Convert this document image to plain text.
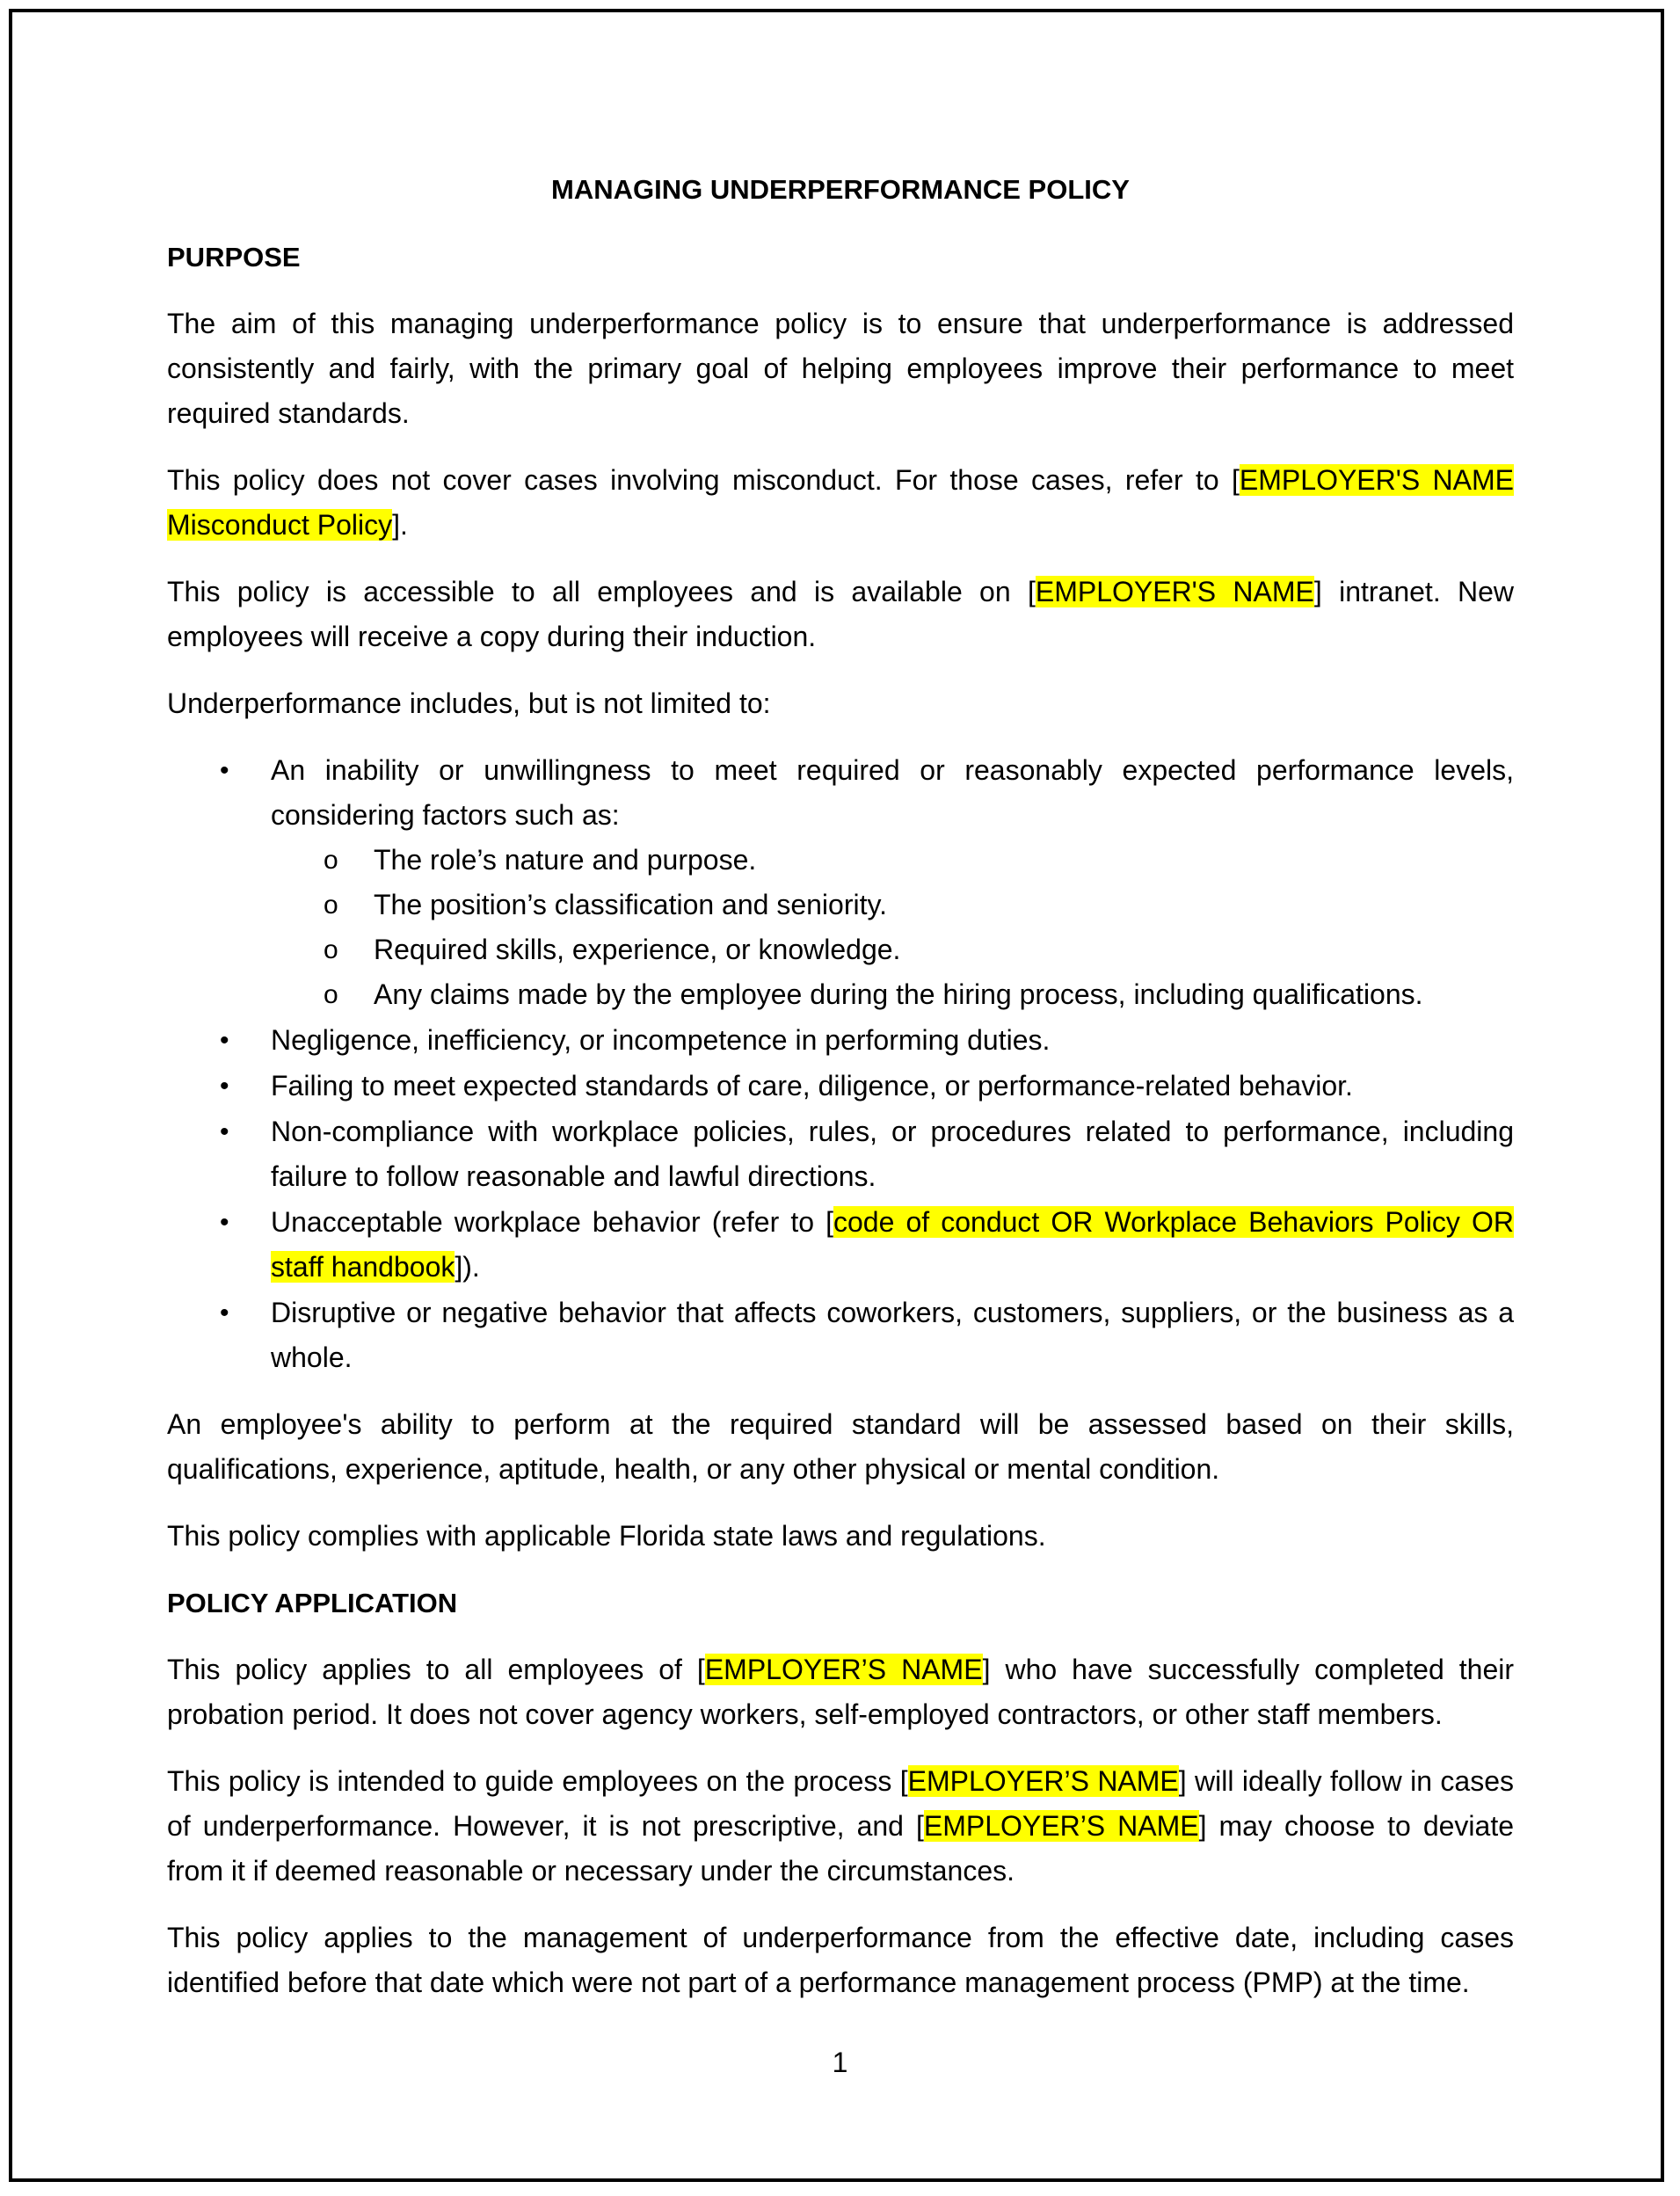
MANAGING UNDERPERFORMANCE POLICY
PURPOSE

The aim of this managing underperformance policy is to ensure that underperformance is addressed consistently and fairly, with the primary goal of helping employees improve their performance to meet required standards.

This policy does not cover cases involving misconduct. For those cases, refer to [EMPLOYER'S NAME Misconduct Policy].

This policy is accessible to all employees and is available on [EMPLOYER'S NAME] intranet. New employees will receive a copy during their induction.

Underperformance includes, but is not limited to:

• An inability or unwillingness to meet required or reasonably expected performance levels, considering factors such as:
o The role’s nature and purpose.
o The position’s classification and seniority.
o Required skills, experience, or knowledge.
o Any claims made by the employee during the hiring process, including qualifications.
• Negligence, inefficiency, or incompetence in performing duties.
• Failing to meet expected standards of care, diligence, or performance-related behavior.
• Non-compliance with workplace policies, rules, or procedures related to performance, including failure to follow reasonable and lawful directions.
• Unacceptable workplace behavior (refer to [code of conduct OR Workplace Behaviors Policy OR staff handbook]).
• Disruptive or negative behavior that affects coworkers, customers, suppliers, or the business as a whole.

An employee's ability to perform at the required standard will be assessed based on their skills, qualifications, experience, aptitude, health, or any other physical or mental condition.

This policy complies with applicable Florida state laws and regulations.

POLICY APPLICATION

This policy applies to all employees of [EMPLOYER’S NAME] who have successfully completed their probation period. It does not cover agency workers, self-employed contractors, or other staff members.

This policy is intended to guide employees on the process [EMPLOYER’S NAME] will ideally follow in cases of underperformance. However, it is not prescriptive, and [EMPLOYER’S NAME] may choose to deviate from it if deemed reasonable or necessary under the circumstances.

This policy applies to the management of underperformance from the effective date, including cases identified before that date which were not part of a performance management process (PMP) at the time.

1
